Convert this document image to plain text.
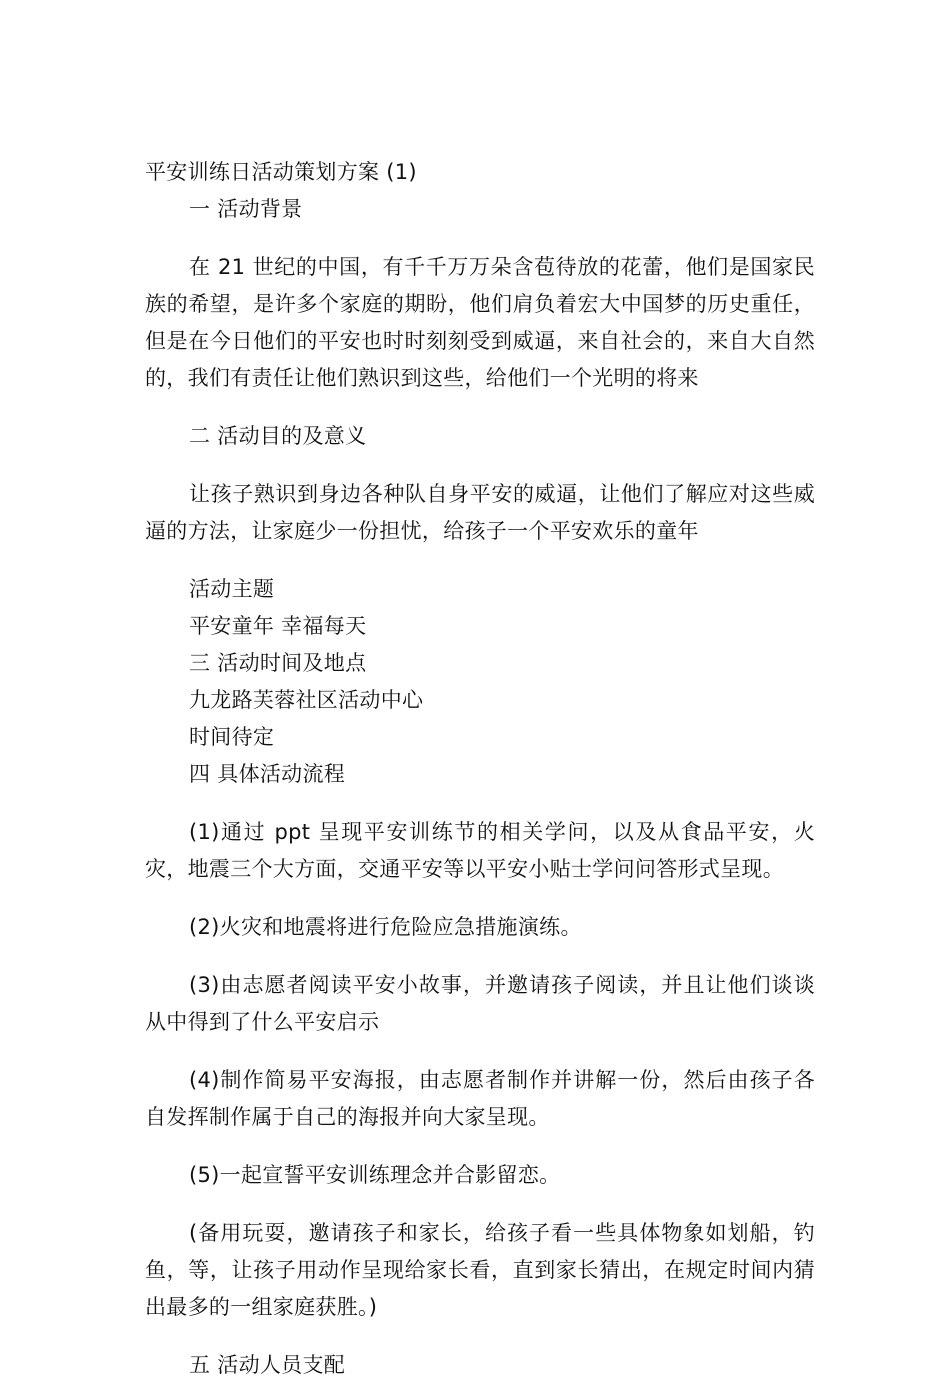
平安训练日活动策划方案 (1)

一 活动背景

在 21 世纪的中国，有千千万万朵含苞待放的花蕾，他们是国家民族的希望，是许多个家庭的期盼，他们肩负着宏大中国梦的历史重任，但是在今日他们的平安也时时刻刻受到威逼，来自社会的，来自大自然的，我们有责任让他们熟识到这些，给他们一个光明的将来

二 活动目的及意义

让孩子熟识到身边各种队自身平安的威逼，让他们了解应对这些威逼的方法，让家庭少一份担忧，给孩子一个平安欢乐的童年

活动主题

平安童年 幸福每天

三 活动时间及地点

九龙路芙蓉社区活动中心

时间待定

四 具体活动流程

(1)通过 ppt 呈现平安训练节的相关学问，以及从食品平安，火灾，地震三个大方面，交通平安等以平安小贴士学问问答形式呈现。

(2)火灾和地震将进行危险应急措施演练。

(3)由志愿者阅读平安小故事，并邀请孩子阅读，并且让他们谈谈从中得到了什么平安启示

(4)制作简易平安海报，由志愿者制作并讲解一份，然后由孩子各自发挥制作属于自己的海报并向大家呈现。

(5)一起宣誓平安训练理念并合影留恋。

(备用玩耍，邀请孩子和家长，给孩子看一些具体物象如划船，钓鱼，等，让孩子用动作呈现给家长看，直到家长猜出，在规定时间内猜出最多的一组家庭获胜。)

五 活动人员支配
